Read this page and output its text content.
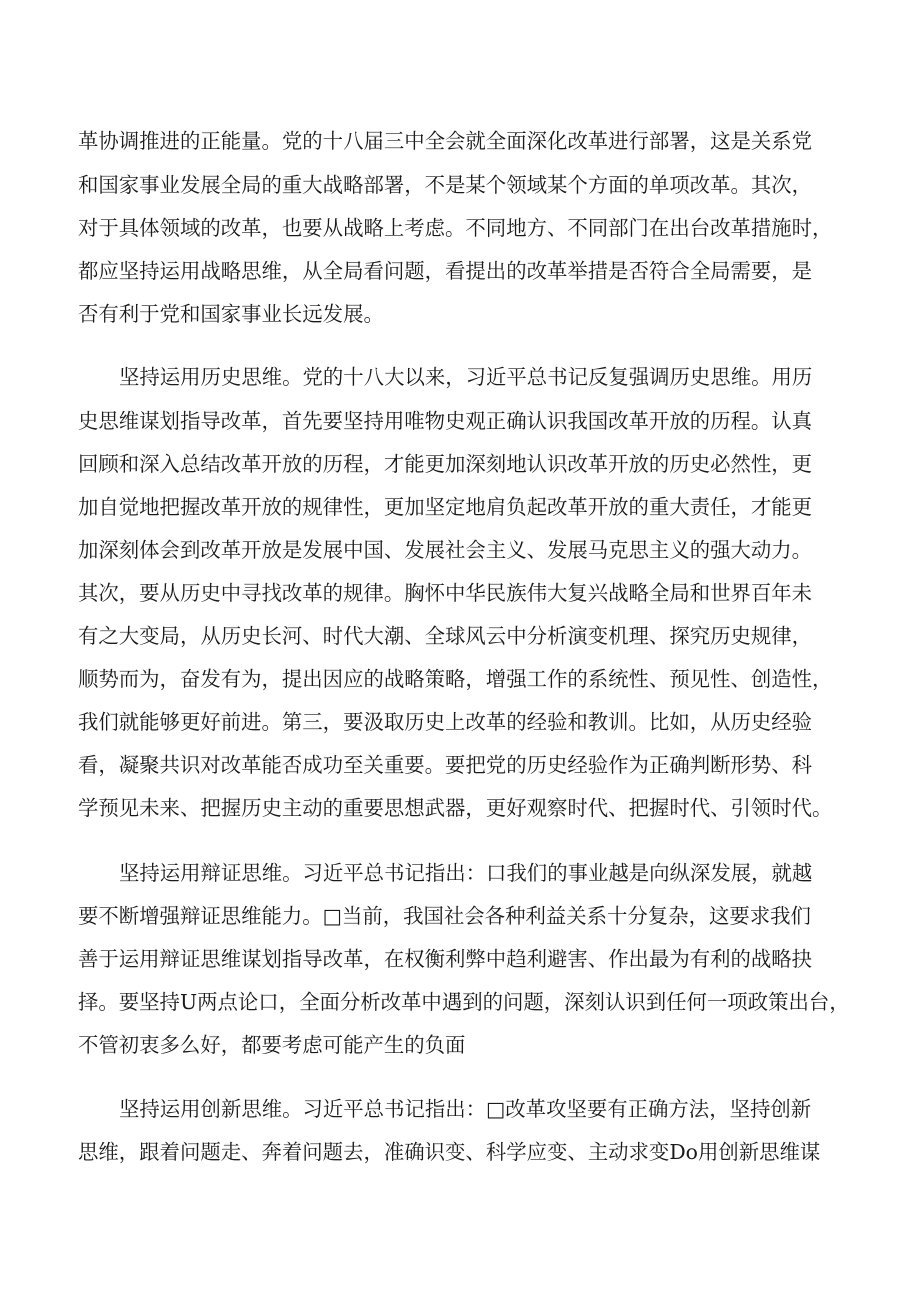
革协调推进的正能量。党的十八届三中全会就全面深化改革进行部署，这是关系党
和国家事业发展全局的重大战略部署，不是某个领域某个方面的单项改革。其次，
对于具体领域的改革，也要从战略上考虑。不同地方、不同部门在出台改革措施时，
都应坚持运用战略思维，从全局看问题，看提出的改革举措是否符合全局需要，是
否有利于党和国家事业长远发展。
坚持运用历史思维。党的十八大以来，习近平总书记反复强调历史思维。用历
史思维谋划指导改革，首先要坚持用唯物史观正确认识我国改革开放的历程。认真
回顾和深入总结改革开放的历程，才能更加深刻地认识改革开放的历史必然性，更
加自觉地把握改革开放的规律性，更加坚定地肩负起改革开放的重大责任，才能更
加深刻体会到改革开放是发展中国、发展社会主义、发展马克思主义的强大动力。
其次，要从历史中寻找改革的规律。胸怀中华民族伟大复兴战略全局和世界百年未
有之大变局，从历史长河、时代大潮、全球风云中分析演变机理、探究历史规律，
顺势而为，奋发有为，提出因应的战略策略，增强工作的系统性、预见性、创造性，
我们就能够更好前进。第三，要汲取历史上改革的经验和教训。比如，从历史经验
看，凝聚共识对改革能否成功至关重要。要把党的历史经验作为正确判断形势、科
学预见未来、把握历史主动的重要思想武器，更好观察时代、把握时代、引领时代。
坚持运用辩证思维。习近平总书记指出：口我们的事业越是向纵深发展，就越
要不断增强辩证思维能力。□当前，我国社会各种利益关系十分复杂，这要求我们
善于运用辩证思维谋划指导改革，在权衡利弊中趋利避害、作出最为有利的战略抉
择。要坚持U两点论口，全面分析改革中遇到的问题，深刻认识到任何一项政策出台，
不管初衷多么好，都要考虑可能产生的负面
坚持运用创新思维。习近平总书记指出：□改革攻坚要有正确方法，坚持创新
思维，跟着问题走、奔着问题去，准确识变、科学应变、主动求变Do用创新思维谋
